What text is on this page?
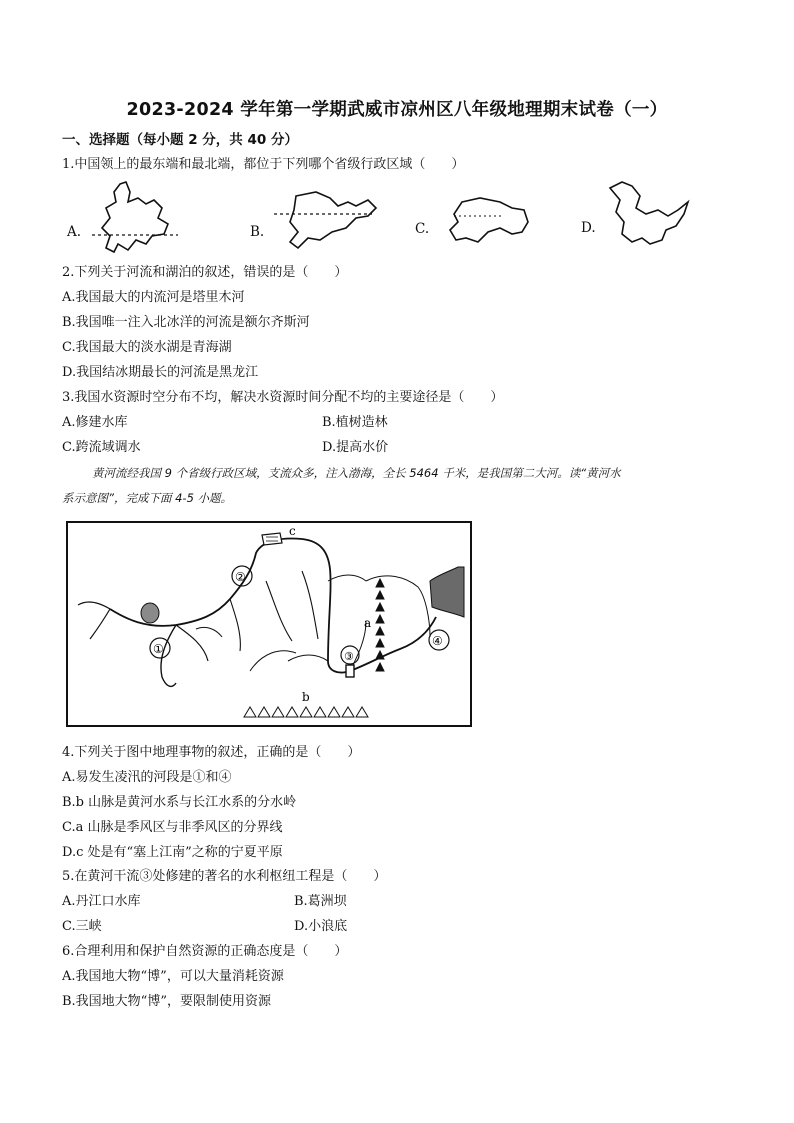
2023-2024 学年第一学期武威市凉州区八年级地理期末试卷（一）
一、选择题（每小题 2 分，共 40 分）
1.中国领上的最东端和最北端，都位于下列哪个省级行政区域（　　）
A.	B.	C.	D.
2.下列关于河流和湖泊的叙述，错误的是（　　）
A.我国最大的内流河是塔里木河
B.我国唯一注入北冰洋的河流是额尔齐斯河
C.我国最大的淡水湖是青海湖
D.我国结冰期最长的河流是黑龙江
3.我国水资源时空分布不均，解决水资源时间分配不均的主要途径是（　　）
A.修建水库	B.植树造林
C.跨流域调水	D.提高水价
黄河流经我国 9 个省级行政区域，支流众多，注入渤海，全长 5464 千米，是我国第二大河。读“黄河水
系示意图”，完成下面 4-5 小题。
c
②
①
a
③
④
b
4.下列关于图中地理事物的叙述，正确的是（　　）
A.易发生凌汛的河段是①和④
B.b 山脉是黄河水系与长江水系的分水岭
C.a 山脉是季风区与非季风区的分界线
D.c 处是有“塞上江南”之称的宁夏平原
5.在黄河干流③处修建的著名的水利枢纽工程是（　　）
A.丹江口水库	B.葛洲坝
C.三峡	D.小浪底
6.合理利用和保护自然资源的正确态度是（　　）
A.我国地大物“博”，可以大量消耗资源
B.我国地大物“博”，要限制使用资源
